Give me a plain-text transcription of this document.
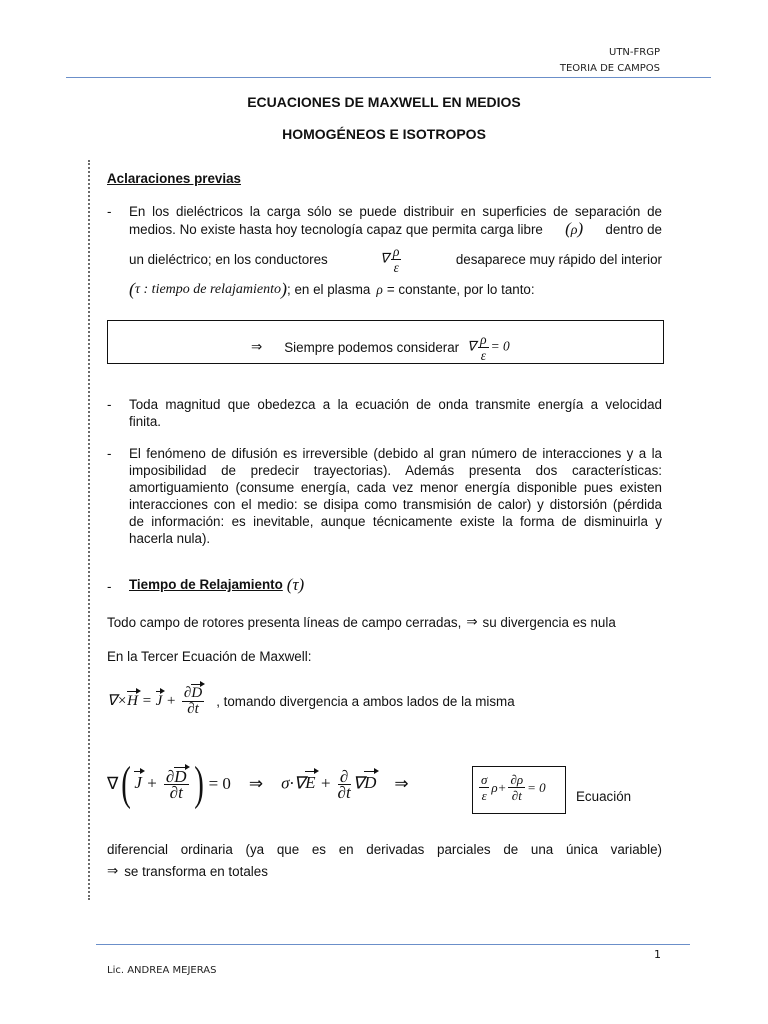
UTN-FRGP
TEORIA DE CAMPOS
ECUACIONES DE MAXWELL EN MEDIOS
HOMOGÉNEOS E ISOTROPOS
Aclaraciones previas
- En los dieléctricos la carga sólo se puede distribuir en superficies de separación de
medios. No existe hasta hoy tecnología capaz que permita carga libre (ρ) dentro de
un dieléctrico; en los conductores	∇ $\frac{\rho}{\varepsilon}$	desaparece muy rápido del interior
( τ : tiempo de relajamiento ) ; en el plasma ρ = constante, por lo tanto:
⇒ Siempre podemos considerar ∇ $\frac{\rho}{\varepsilon} = 0$
- Toda magnitud que obedezca a la ecuación de onda transmite energía a velocidad
finita.
- El fenómeno de difusión es irreversible (debido al gran número de interacciones y a la
imposibilidad de predecir trayectorias). Además presenta dos características:
amortiguamiento (consume energía, cada vez menor energía disponible pues existen
interacciones con el medio: se disipa como transmisión de calor) y distorsión (pérdida
de información: es inevitable, aunque técnicamente existe la forma de disminuirla y
hacerla nula).
- Tiempo de Relajamiento (τ)
Todo campo de rotores presenta líneas de campo cerradas, ⇒ su divergencia es nula
En la Tercer Ecuación de Maxwell:
$\nabla\times H = J + \frac{\partial D}{\partial t}$ , tomando divergencia a ambos lados de la misma
∇ ( $J + \frac{\partial D}{\partial t}$ ) = 0 ⇒ $\sigma\cdot\nabla E + \frac{\partial}{\partial t} \nabla D$ ⇒	$\frac{\sigma}{\varepsilon}$ $\rho + \frac{\partial\rho}{\partial t} = 0$
Ecuación
diferencial ordinaria (ya que es en derivadas parciales de una única variable)
⇒ se transforma en totales
1
Lic. ANDREA MEJERAS
